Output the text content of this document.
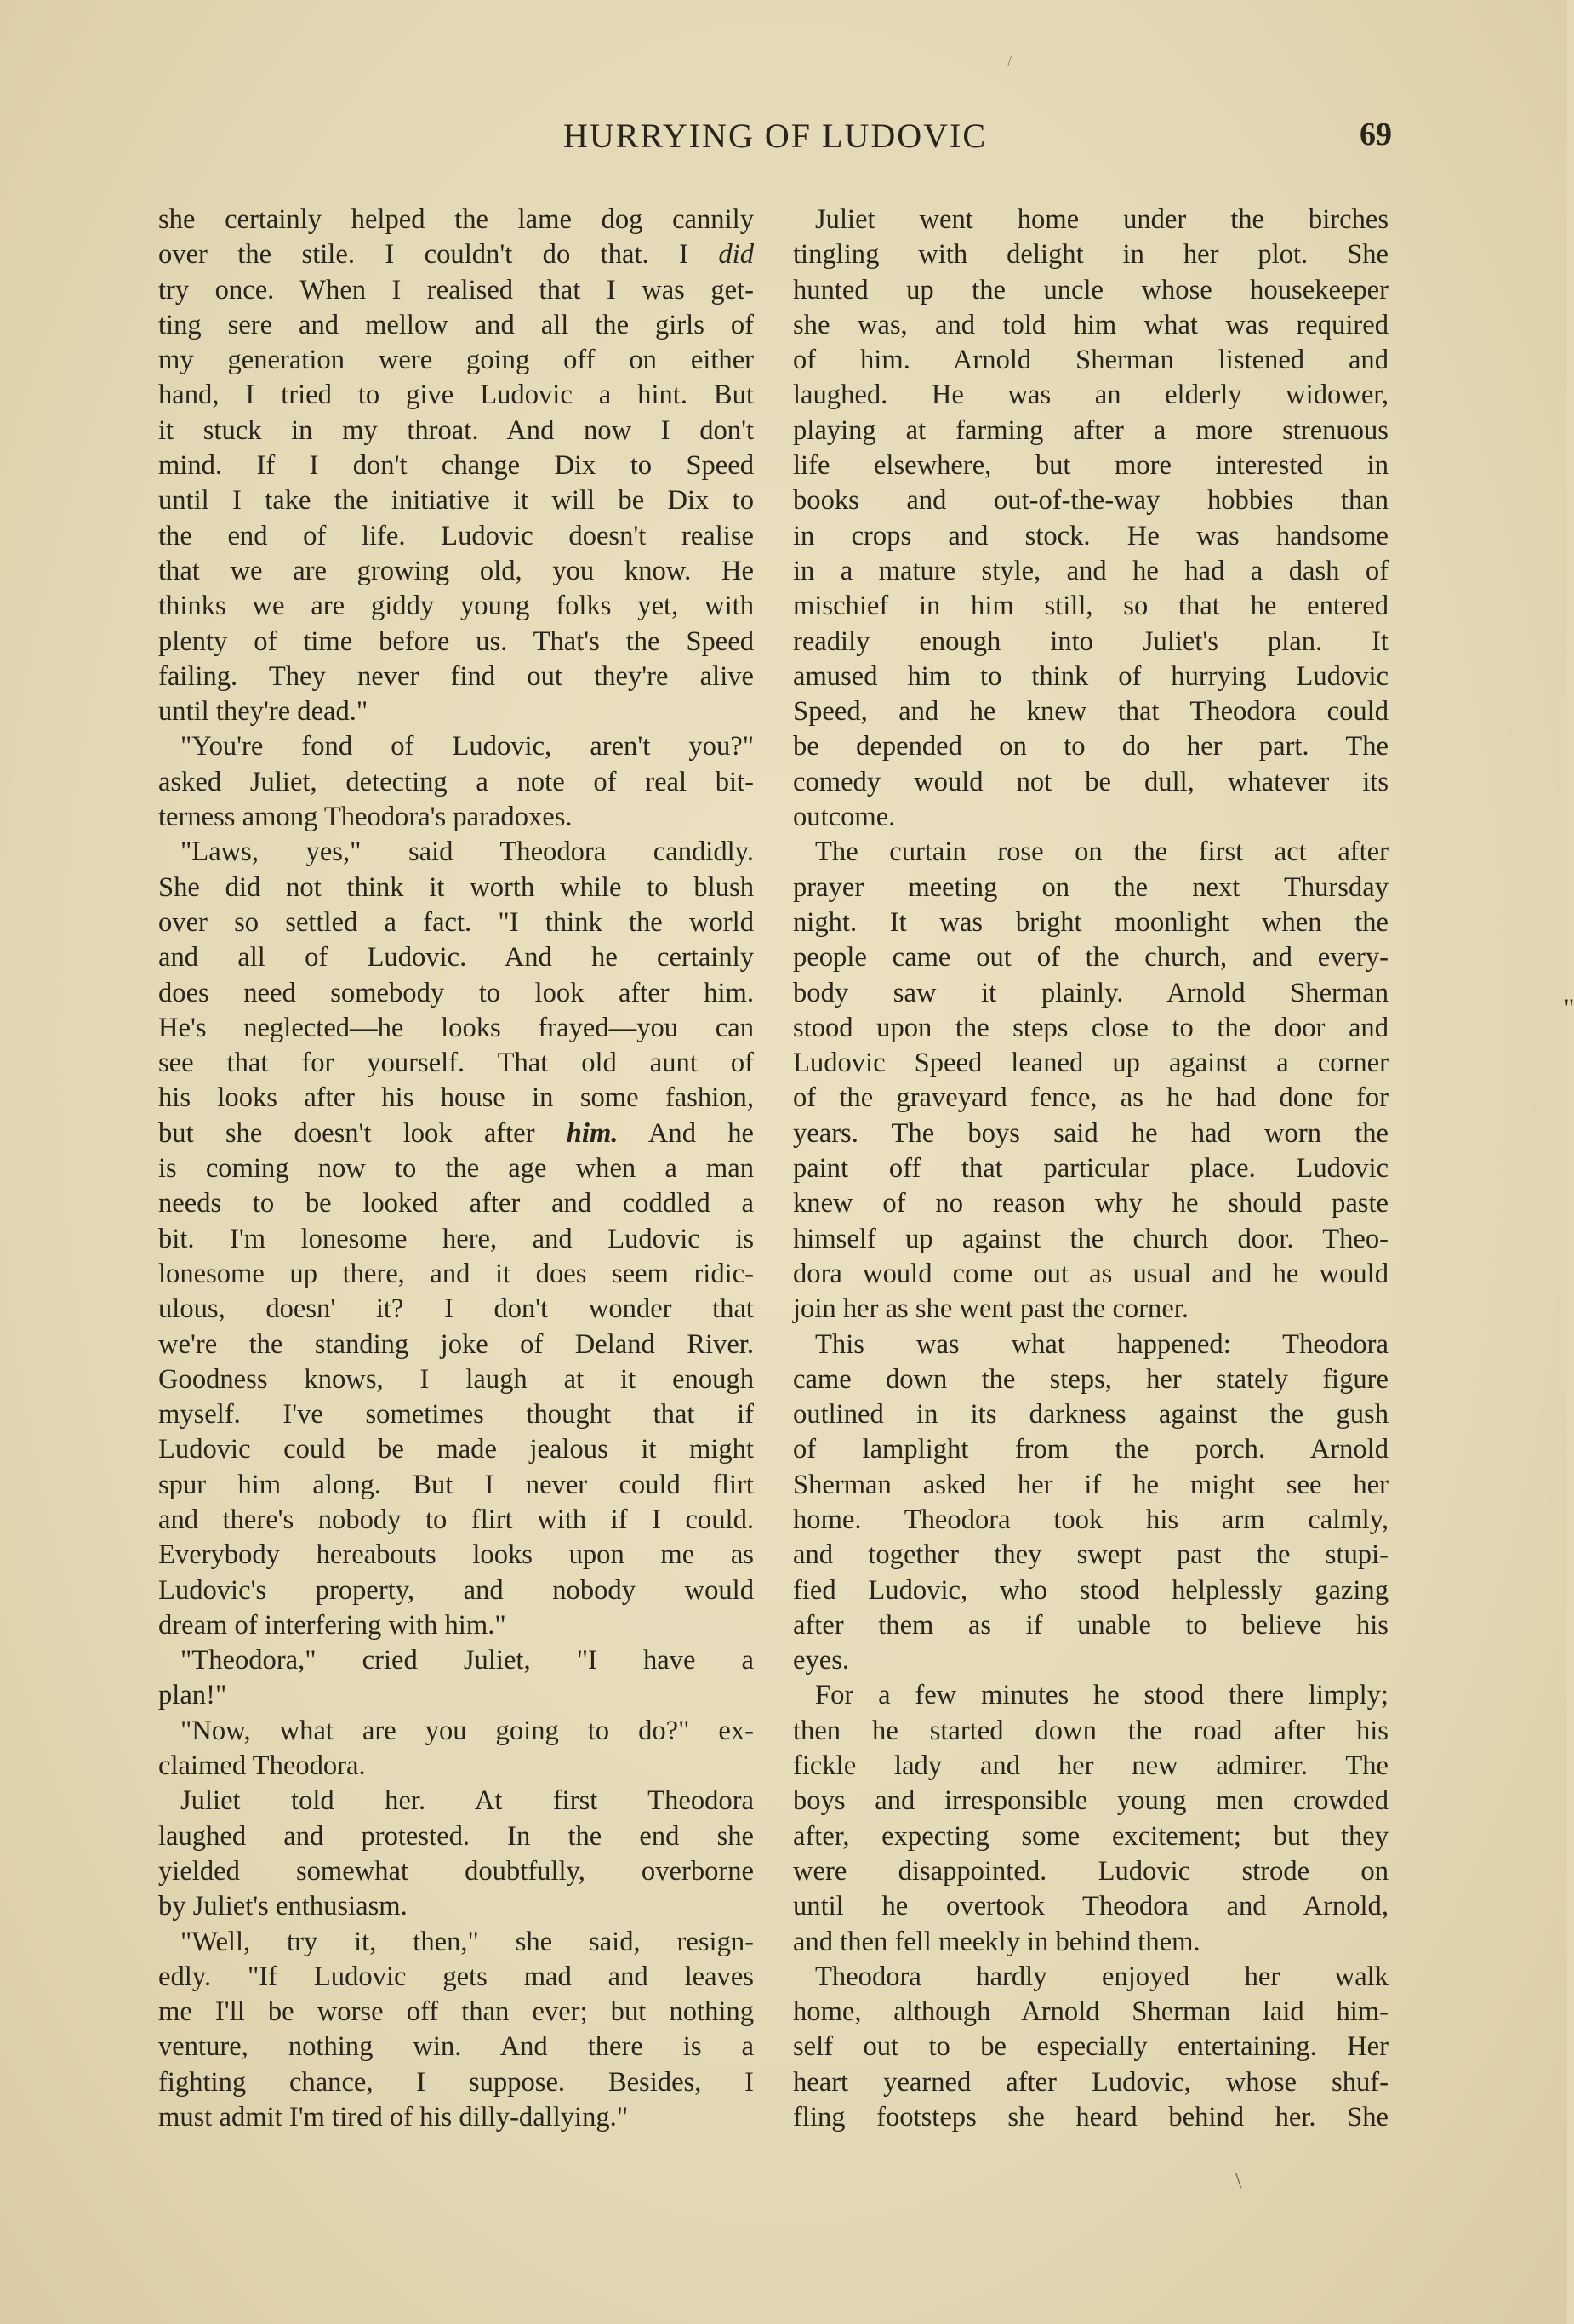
HURRYING OF LUDOVIC	69
she certainly helped the lame dog cannily
over the stile. I couldn't do that. I did
try once. When I realised that I was get-
ting sere and mellow and all the girls of
my generation were going off on either
hand, I tried to give Ludovic a hint. But
it stuck in my throat. And now I don't
mind. If I don't change Dix to Speed
until I take the initiative it will be Dix to
the end of life. Ludovic doesn't realise
that we are growing old, you know. He
thinks we are giddy young folks yet, with
plenty of time before us. That's the Speed
failing. They never find out they're alive
until they're dead."
"You're fond of Ludovic, aren't you?"
asked Juliet, detecting a note of real bit-
terness among Theodora's paradoxes.
"Laws, yes," said Theodora candidly.
She did not think it worth while to blush
over so settled a fact. "I think the world
and all of Ludovic. And he certainly
does need somebody to look after him.
He's neglected—he looks frayed—you can
see that for yourself. That old aunt of
his looks after his house in some fashion,
but she doesn't look after him. And he
is coming now to the age when a man
needs to be looked after and coddled a
bit. I'm lonesome here, and Ludovic is
lonesome up there, and it does seem ridic-
ulous, doesn' it? I don't wonder that
we're the standing joke of Deland River.
Goodness knows, I laugh at it enough
myself. I've sometimes thought that if
Ludovic could be made jealous it might
spur him along. But I never could flirt
and there's nobody to flirt with if I could.
Everybody hereabouts looks upon me as
Ludovic's property, and nobody would
dream of interfering with him."
"Theodora," cried Juliet, "I have a
plan!"
"Now, what are you going to do?" ex-
claimed Theodora.
Juliet told her. At first Theodora
laughed and protested. In the end she
yielded somewhat doubtfully, overborne
by Juliet's enthusiasm.
"Well, try it, then," she said, resign-
edly. "If Ludovic gets mad and leaves
me I'll be worse off than ever; but nothing
venture, nothing win. And there is a
fighting chance, I suppose. Besides, I
must admit I'm tired of his dilly-dallying."
Juliet went home under the birches
tingling with delight in her plot. She
hunted up the uncle whose housekeeper
she was, and told him what was required
of him. Arnold Sherman listened and
laughed. He was an elderly widower,
playing at farming after a more strenuous
life elsewhere, but more interested in
books and out-of-the-way hobbies than
in crops and stock. He was handsome
in a mature style, and he had a dash of
mischief in him still, so that he entered
readily enough into Juliet's plan. It
amused him to think of hurrying Ludovic
Speed, and he knew that Theodora could
be depended on to do her part. The
comedy would not be dull, whatever its
outcome.
The curtain rose on the first act after
prayer meeting on the next Thursday
night. It was bright moonlight when the
people came out of the church, and every-
body saw it plainly. Arnold Sherman
stood upon the steps close to the door and
Ludovic Speed leaned up against a corner
of the graveyard fence, as he had done for
years. The boys said he had worn the
paint off that particular place. Ludovic
knew of no reason why he should paste
himself up against the church door. Theo-
dora would come out as usual and he would
join her as she went past the corner.
This was what happened: Theodora
came down the steps, her stately figure
outlined in its darkness against the gush
of lamplight from the porch. Arnold
Sherman asked her if he might see her
home. Theodora took his arm calmly,
and together they swept past the stupi-
fied Ludovic, who stood helplessly gazing
after them as if unable to believe his
eyes.
For a few minutes he stood there limply;
then he started down the road after his
fickle lady and her new admirer. The
boys and irresponsible young men crowded
after, expecting some excitement; but they
were disappointed. Ludovic strode on
until he overtook Theodora and Arnold,
and then fell meekly in behind them.
Theodora hardly enjoyed her walk
home, although Arnold Sherman laid him-
self out to be especially entertaining. Her
heart yearned after Ludovic, whose shuf-
fling footsteps she heard behind her. She
/
"
\
